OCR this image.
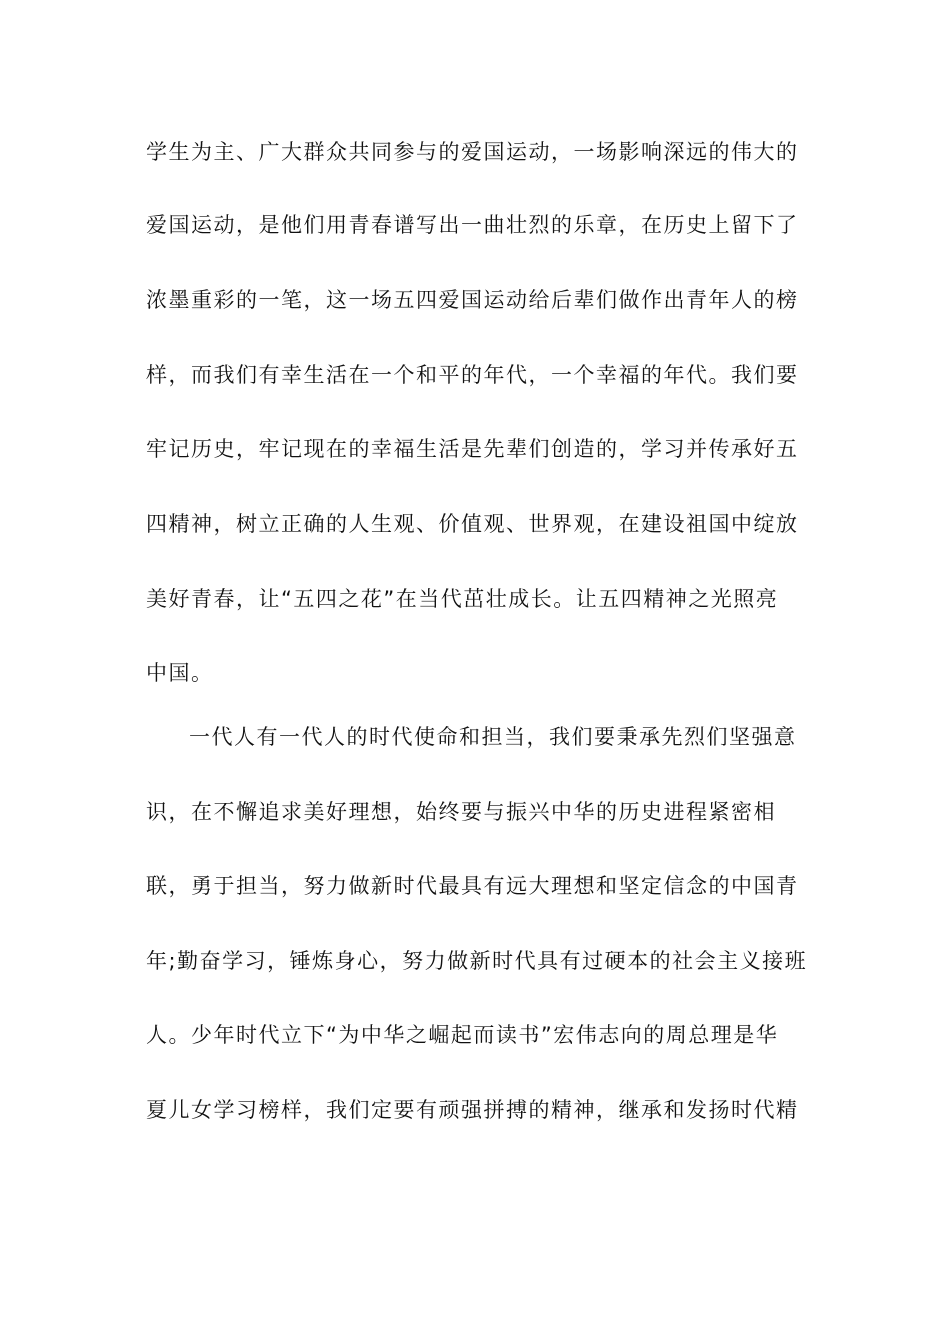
学生为主、广大群众共同参与的爱国运动，一场影响深远的伟大的
爱国运动，是他们用青春谱写出一曲壮烈的乐章，在历史上留下了
浓墨重彩的一笔，这一场五四爱国运动给后辈们做作出青年人的榜
样，而我们有幸生活在一个和平的年代，一个幸福的年代。我们要
牢记历史，牢记现在的幸福生活是先辈们创造的，学习并传承好五
四精神，树立正确的人生观、价值观、世界观，在建设祖国中绽放
美好青春，让“五四之花”在当代茁壮成长。让五四精神之光照亮
中国。
一代人有一代人的时代使命和担当，我们要秉承先烈们坚强意
识，在不懈追求美好理想，始终要与振兴中华的历史进程紧密相
联，勇于担当，努力做新时代最具有远大理想和坚定信念的中国青
年;勤奋学习，锤炼身心，努力做新时代具有过硬本的社会主义接班
人。少年时代立下“为中华之崛起而读书”宏伟志向的周总理是华
夏儿女学习榜样，我们定要有顽强拼搏的精神，继承和发扬时代精
